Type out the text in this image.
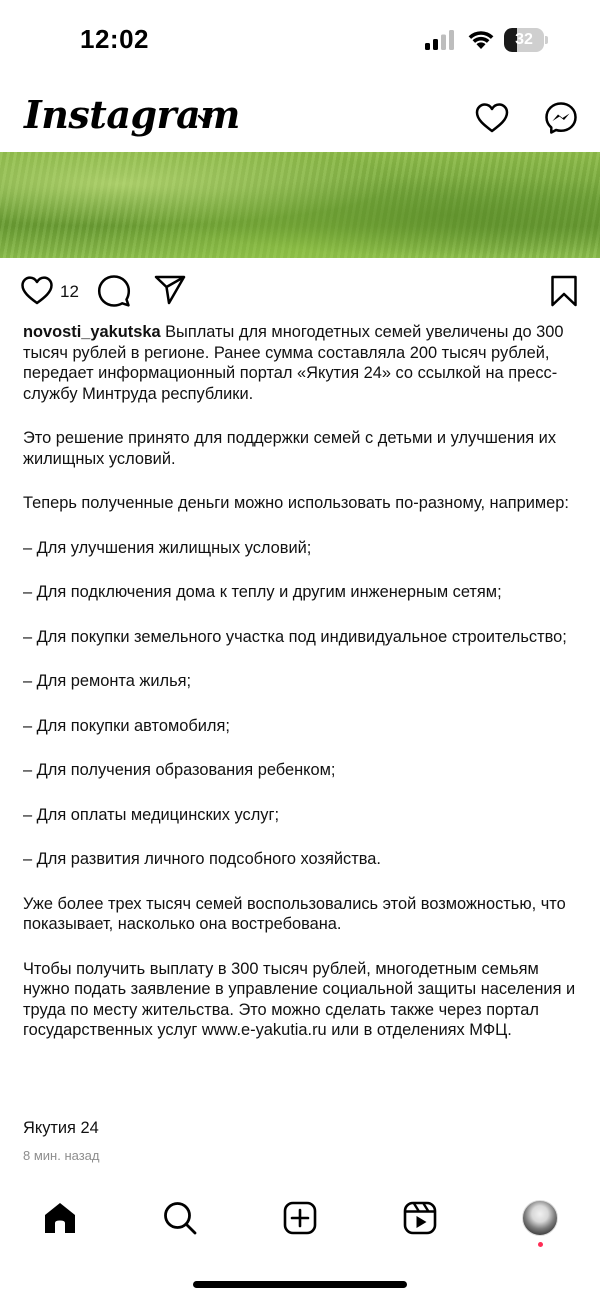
12:02	32
Instagram
12

novosti_yakutska Выплаты для многодетных семей увеличены до 300 тысяч рублей в регионе. Ранее сумма составляла 200 тысяч рублей, передает информационный портал «Якутия 24» со ссылкой на пресс-службу Минтруда республики.

Это решение принято для поддержки семей с детьми и улучшения их жилищных условий.

Теперь полученные деньги можно использовать по-разному, например:

– Для улучшения жилищных условий;

– Для подключения дома к теплу и другим инженерным сетям;

– Для покупки земельного участка под индивидуальное строительство;

– Для ремонта жилья;

– Для покупки автомобиля;

– Для получения образования ребенком;

– Для оплаты медицинских услуг;

– Для развития личного подсобного хозяйства.

Уже более трех тысяч семей воспользовались этой возможностью, что показывает, насколько она востребована.

Чтобы получить выплату в 300 тысяч рублей, многодетным семьям нужно подать заявление в управление социальной защиты населения и труда по месту жительства. Это можно сделать также через портал государственных услуг www.e-yakutia.ru или в отделениях МФЦ.

Якутия 24
8 мин. назад
